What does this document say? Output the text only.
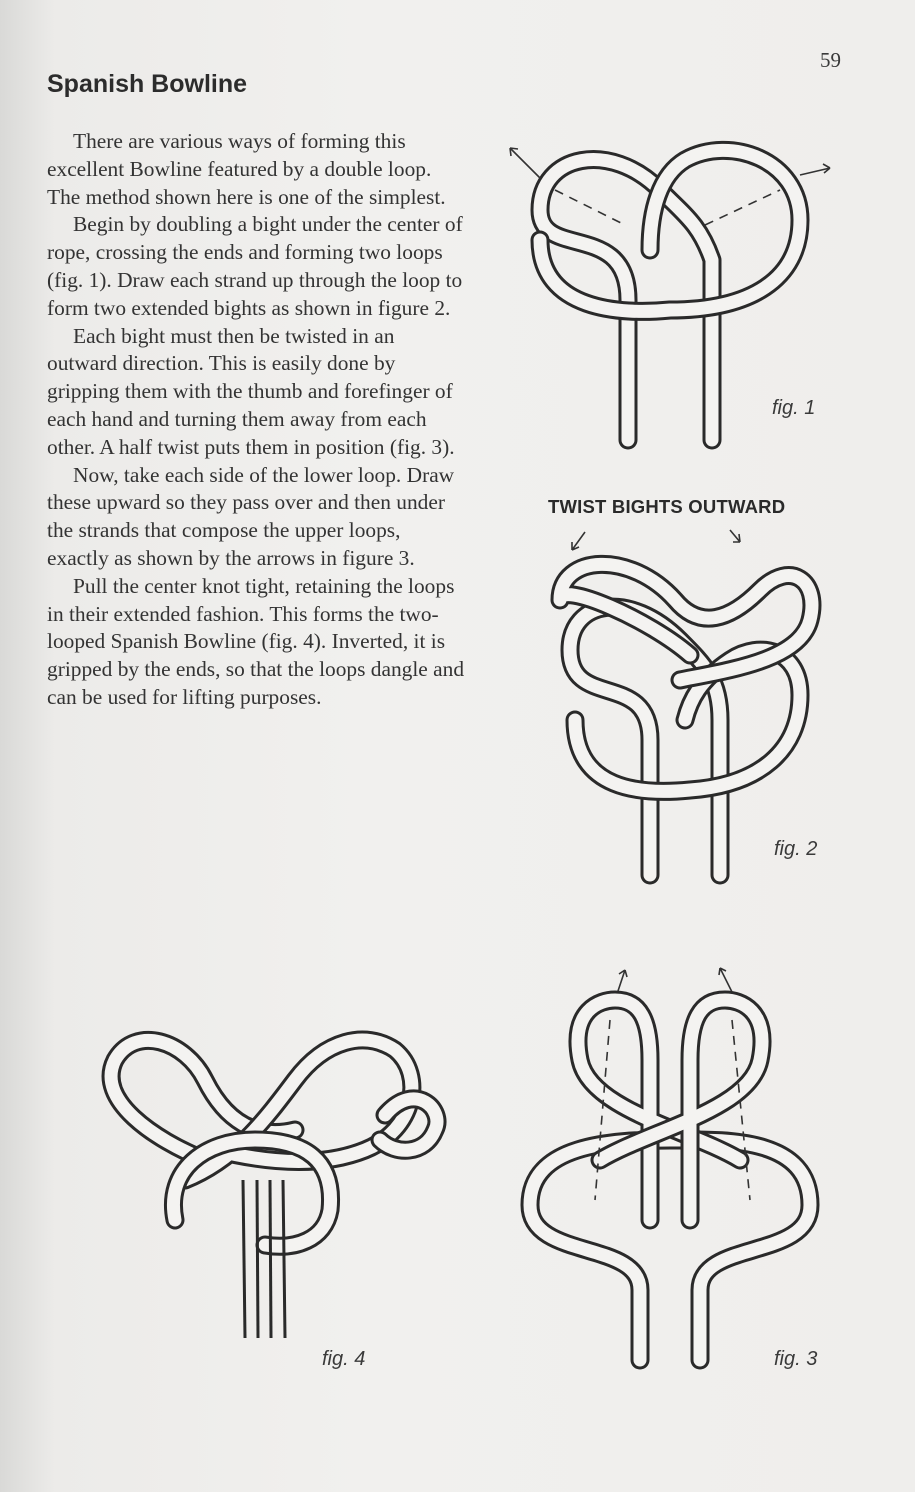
59
Spanish Bowline

There are various ways of forming this excellent Bowline featured by a double loop. The method shown here is one of the simplest.

Begin by doubling a bight under the center of rope, crossing the ends and forming two loops (fig. 1). Draw each strand up through the loop to form two extended bights as shown in figure 2.

Each bight must then be twisted in an outward direction. This is easily done by gripping them with the thumb and forefinger of each hand and turning them away from each other. A half twist puts them in position (fig. 3).

Now, take each side of the lower loop. Draw these upward so they pass over and then under the strands that compose the upper loops, exactly as shown by the arrows in figure 3.

Pull the center knot tight, retaining the loops in their extended fashion. This forms the two-looped Spanish Bowline (fig. 4). Inverted, it is gripped by the ends, so that the loops dangle and can be used for lifting purposes.

fig. 1
TWIST BIGHTS OUTWARD
fig. 2
fig. 3
fig. 4
